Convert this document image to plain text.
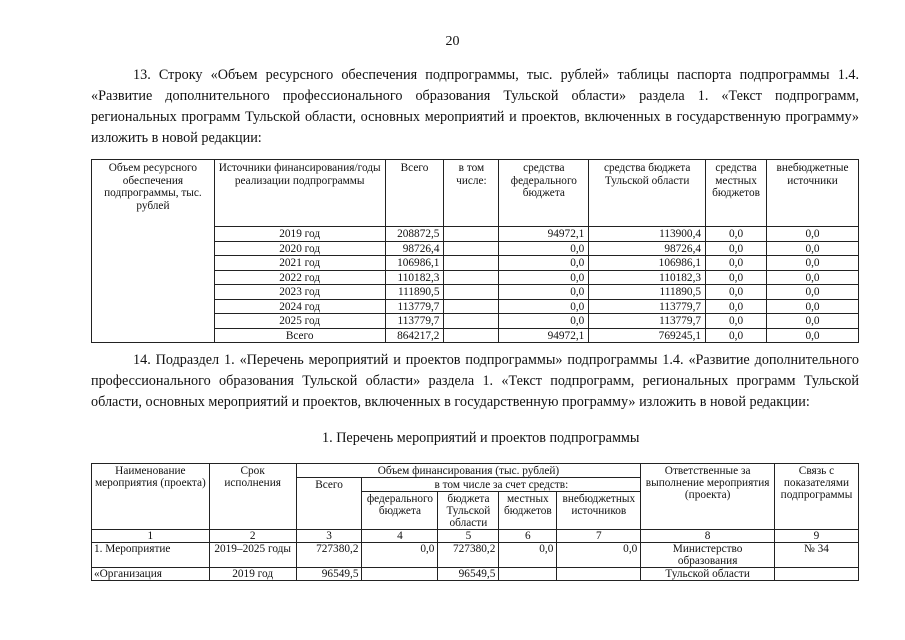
20
13. Строку «Объем ресурсного обеспечения подпрограммы, тыс. рублей» таблицы паспорта подпрограммы 1.4. «Развитие дополнительного профессионального образования Тульской области» раздела 1. «Текст подпрограмм, региональных программ Тульской области, основных мероприятий и проектов, включенных в государственную программу» изложить в новой редакции:
Объем ресурсного обеспечения подпрограммы, тыс. рублей	Источники финансирования/годы реализации подпрограммы	Всего	в том числе:	средства федерального бюджета	средства бюджета Тульской области	средства местных бюджетов	внебюджетные источники
	2019 год	208872,5		94972,1	113900,4	0,0	0,0
	2020 год	98726,4		0,0	98726,4	0,0	0,0
	2021 год	106986,1		0,0	106986,1	0,0	0,0
	2022 год	110182,3		0,0	110182,3	0,0	0,0
	2023 год	111890,5		0,0	111890,5	0,0	0,0
	2024 год	113779,7		0,0	113779,7	0,0	0,0
	2025 год	113779,7		0,0	113779,7	0,0	0,0
	Всего	864217,2		94972,1	769245,1	0,0	0,0
14. Подраздел 1. «Перечень мероприятий и проектов подпрограммы» подпрограммы 1.4. «Развитие дополнительного профессионального образования Тульской области» раздела 1. «Текст подпрограмм, региональных программ Тульской области, основных мероприятий и проектов, включенных в государственную программу» изложить в новой редакции:
1. Перечень мероприятий и проектов подпрограммы
Наименование мероприятия (проекта)	Срок исполнения	Объем финансирования (тыс. рублей)					Ответственные за выполнение мероприятия (проекта)	Связь с показателями подпрограммы
		Всего	в том числе за счет средств:					
			федерального бюджета	бюджета Тульской области	местных бюджетов	внебюджетных источников		
1	2	3	4	5	6	7	8	9
1. Мероприятие	2019–2025 годы	727380,2	0,0	727380,2	0,0	0,0	Министерство образования	№ 34
«Организация	2019 год	96549,5		96549,5			Тульской области	
